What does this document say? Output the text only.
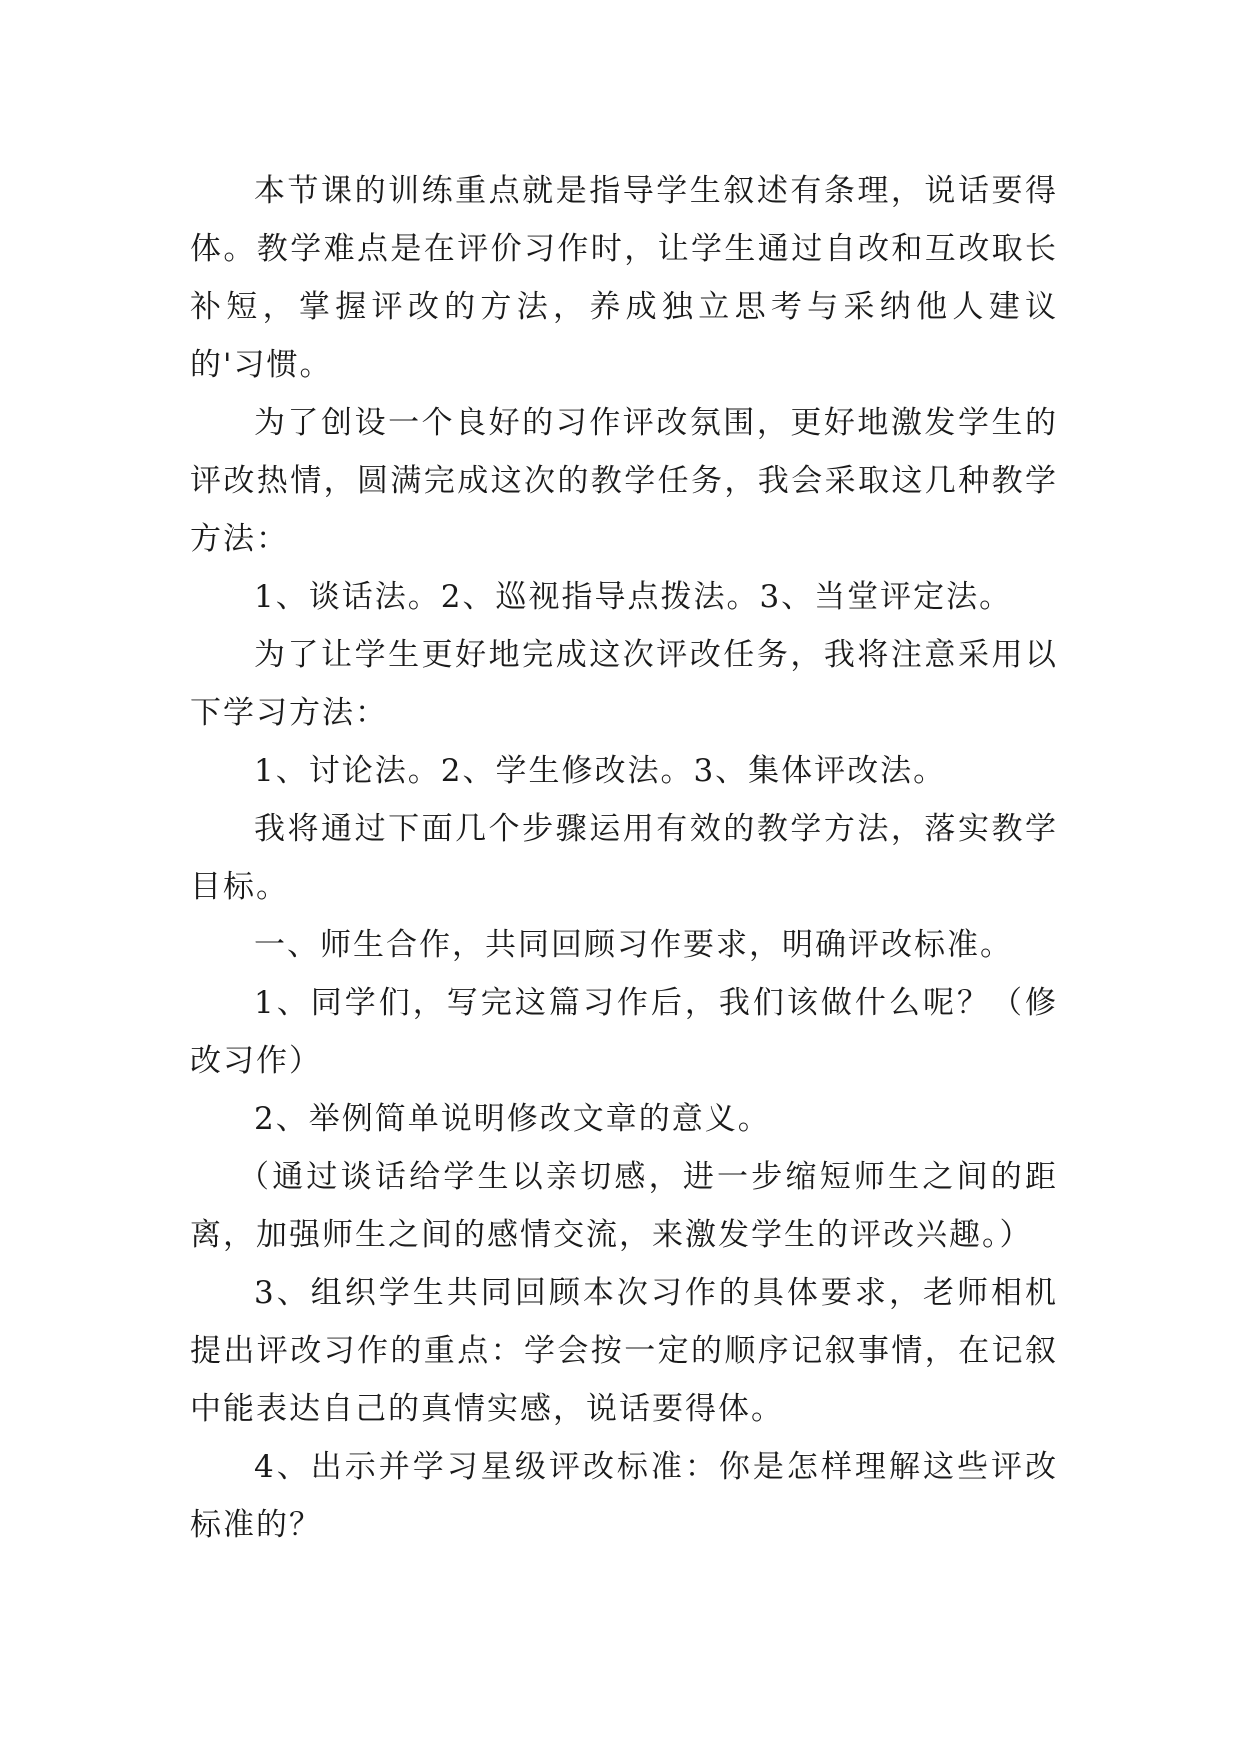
本节课的训练重点就是指导学生叙述有条理，说话要得体。教学难点是在评价习作时，让学生通过自改和互改取长补短，掌握评改的方法，养成独立思考与采纳他人建议的'习惯。

为了创设一个良好的习作评改氛围，更好地激发学生的评改热情，圆满完成这次的教学任务，我会采取这几种教学方法：

1、谈话法。2、巡视指导点拨法。3、当堂评定法。

为了让学生更好地完成这次评改任务，我将注意采用以下学习方法：

1、讨论法。2、学生修改法。3、集体评改法。

我将通过下面几个步骤运用有效的教学方法，落实教学目标。

一、师生合作，共同回顾习作要求，明确评改标准。

1、同学们，写完这篇习作后，我们该做什么呢？（修改习作）

2、举例简单说明修改文章的意义。

（通过谈话给学生以亲切感，进一步缩短师生之间的距离，加强师生之间的感情交流，来激发学生的评改兴趣。）

3、组织学生共同回顾本次习作的具体要求，老师相机提出评改习作的重点：学会按一定的顺序记叙事情，在记叙中能表达自己的真情实感，说话要得体。

4、出示并学习星级评改标准：你是怎样理解这些评改标准的？
